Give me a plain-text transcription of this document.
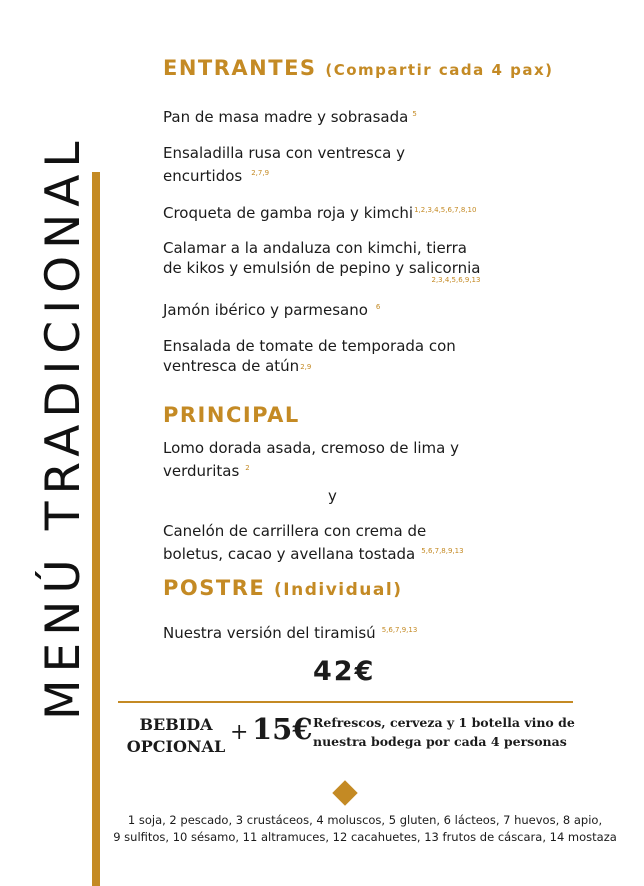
MENÚ TRADICIONAL
ENTRANTES (Compartir cada 4 pax)
Pan de masa madre y sobrasada $^5$
Ensaladilla rusa con ventresca y
encurtidos $^{2,7,9}$
Croqueta de gamba roja y kimchi$^{1,2,3,4,5,6,7,8,10}$
Calamar a la andaluza con kimchi, tierra
de kikos y emulsión de pepino y salicornia
2,3,4,5,6,9,13
Jamón ibérico y parmesano $^6$
Ensalada de tomate de temporada con
ventresca de atún2,9
PRINCIPAL
Lomo dorada asada, cremoso de lima y
verduritas $^2$
y
Canelón de carrillera con crema de
boletus, cacao y avellana tostada $^{5,6,7,8,9,13}$
POSTRE (Individual)
Nuestra versión del tiramisú $^{5,6,7,9,13}$
42€
BEBIDA
OPCIONAL
+ 15€ Refrescos, cerveza y 1 botella vino de
nuestra bodega por cada 4 personas
1 soja, 2 pescado, 3 crustáceos, 4 moluscos, 5 gluten, 6 lácteos, 7 huevos, 8 apio,
9 sulfitos, 10 sésamo, 11 altramuces, 12 cacahuetes, 13 frutos de cáscara, 14 mostaza
